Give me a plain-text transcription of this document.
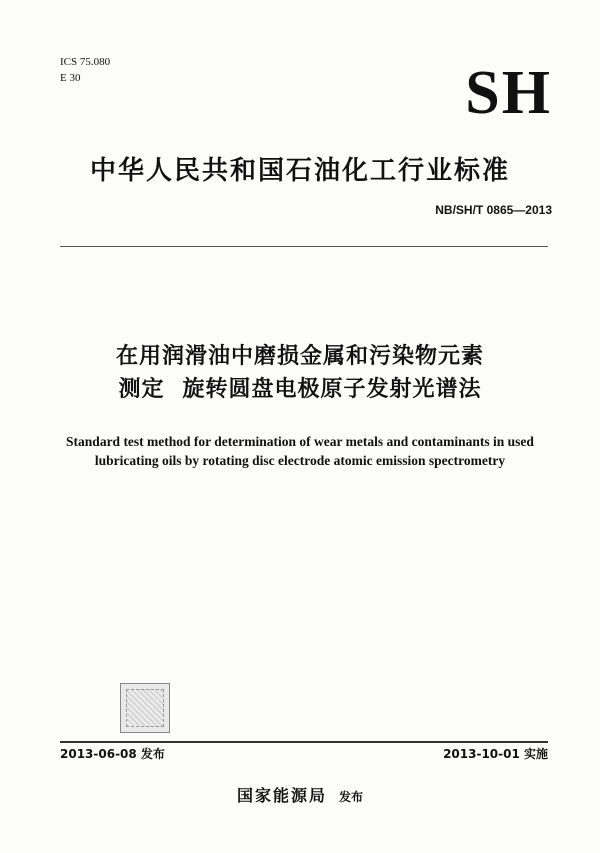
ICS 75.080
E 30	SH
中华人民共和国石油化工行业标准
NB/SH/T 0865—2013
在用润滑油中磨损金属和污染物元素
测定 旋转圆盘电极原子发射光谱法
Standard test method for determination of wear metals and contaminants in used
lubricating oils by rotating disc electrode atomic emission spectrometry
2013-06-08 发布	2013-10-01 实施
国家能源局 发布
